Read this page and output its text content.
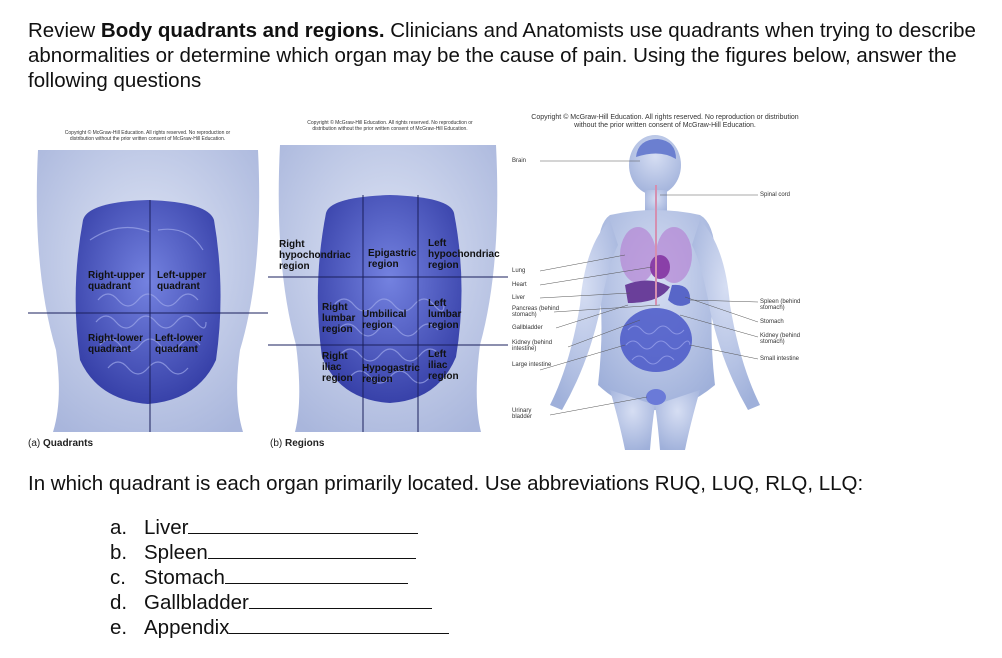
Review Body quadrants and regions. Clinicians and Anatomists use quadrants when trying to describe abnormalities or determine which organ may be the cause of pain. Using the figures below, answer the following questions
Copyright © McGraw-Hill Education. All rights reserved. No reproduction or distribution without the prior written consent of McGraw-Hill Education.
Right-upper quadrant
Left-upper quadrant
Right-lower quadrant
Left-lower quadrant
(a) Quadrants
Copyright © McGraw-Hill Education. All rights reserved. No reproduction or distribution without the prior written consent of McGraw-Hill Education.
Right hypochondriac region
Epigastric region
Left hypochondriac region
Right lumbar region
Umbilical region
Left lumbar region
Right iliac region
Hypogastric region
Left iliac region
(b) Regions
Copyright © McGraw-Hill Education. All rights reserved. No reproduction or distribution without the prior written consent of McGraw-Hill Education.
Brain
Lung
Heart
Liver
Pancreas (behind stomach)
Gallbladder
Kidney (behind intestine)
Large intestine
Urinary bladder
Spinal cord
Spleen (behind stomach)
Stomach
Kidney (behind stomach)
Small intestine
In which quadrant is each organ primarily located. Use abbreviations RUQ, LUQ, RLQ, LLQ:
a. Liver
b. Spleen
c. Stomach
d. Gallbladder
e. Appendix
